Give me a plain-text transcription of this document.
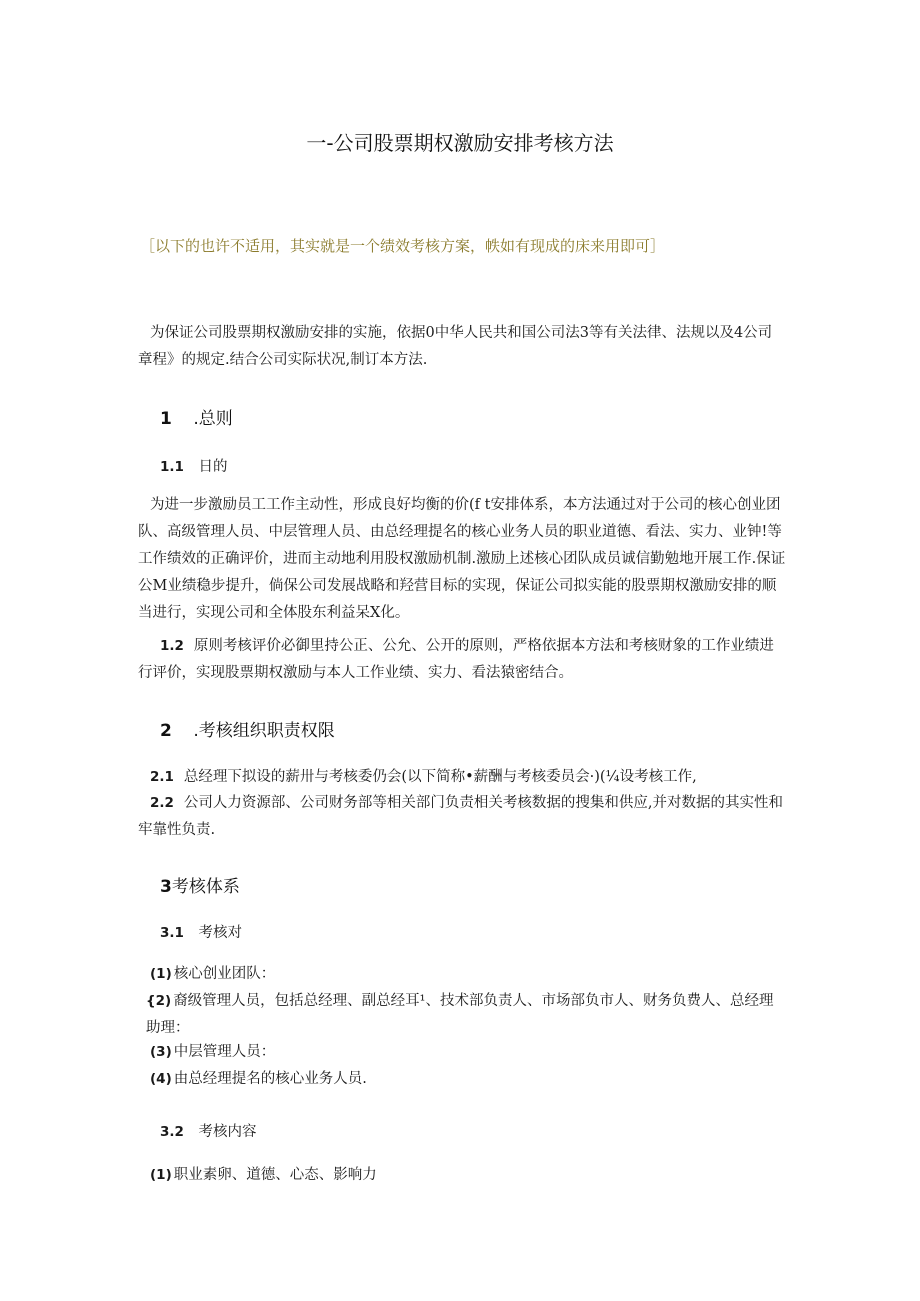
一-公司股票期权激励安排考核方法

［以下的也许不适用，其实就是一个绩效考核方案，帙如有现成的床来用即可］

为保证公司股票期权激励安排的实施，依据0中华人民共和国公司法3等有关法律、法规以及4公司章程》的规定.结合公司实际状况,制订本方法.

1 .总则
1.1 日的

为进一步激励员工工作主动性，形成良好均衡的价(f t安排体系，本方法通过对于公司的核心创业团队、高级管理人员、中层管理人员、由总经理提名的核心业务人员的职业道德、看法、实力、业钟!等工作绩效的正确评价，进而主动地利用股权激励机制.激励上述核心团队成员诚信勤勉地开展工作.保证公M业绩稳步提升，倘保公司发展战略和羟营目标的实现，保证公司拟实能的股票期权激励安排的顺当进行，实现公司和全体股东利益呆X化。

1.2 原则考核评价必御里持公正、公允、公开的原则，严格依据本方法和考核财象的工作业绩进行评价，实现股票期权激励与本人工作业绩、实力、看法猿密结合。

2 .考核组织职责权限

2.1 总经理下拟设的薪卅与考核委仍会(以下简称•薪酬与考核委员会·)(¼设考核工作,

2.2 公司人力资源部、公司财务部等相关部门负责相关考核数据的搜集和供应,并对数据的其实性和牢靠性负责.

3考核体系
3.1 考核对

(1) 核心创业团队：

{2) 裔级管理人员，包括总经理、副总经耳¹、技术部负责人、市场部负市人、财务负费人、总经理助理：

(3) 中层管理人员：

(4) 由总经理提名的核心业务人员.

3.2 考核内容

(1) 职业素卵、道德、心态、影响力
